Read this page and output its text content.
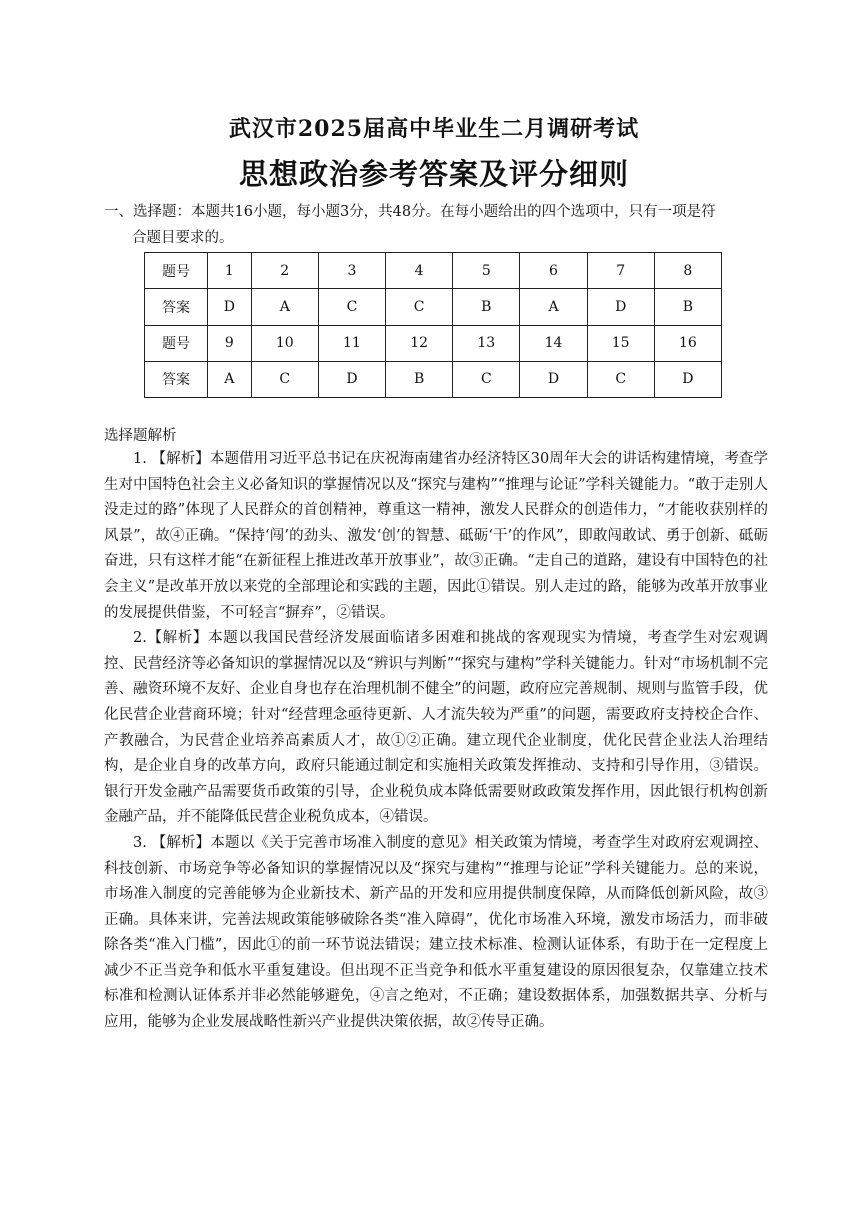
武汉市2025届高中毕业生二月调研考试
思想政治参考答案及评分细则
一、选择题：本题共16小题，每小题3分，共48分。在每小题给出的四个选项中，只有一项是符
合题目要求的。
题号	1	2	3	4	5	6	7	8
答案	D	A	C	C	B	A	D	B
题号	9	10	11	12	13	14	15	16
答案	A	C	D	B	C	D	C	D
选择题解析

1. 【解析】本题借用习近平总书记在庆祝海南建省办经济特区30周年大会的讲话构建情境，考查学生对中国特色社会主义必备知识的掌握情况以及“探究与建构”“推理与论证”学科关键能力。“敢于走别人没走过的路”体现了人民群众的首创精神，尊重这一精神，激发人民群众的创造伟力，“才能收获别样的风景”，故④正确。“保持‘闯’的劲头、激发‘创’的智慧、砥砺‘干’的作风”，即敢闯敢试、勇于创新、砥砺奋进，只有这样才能“在新征程上推进改革开放事业”，故③正确。“走自己的道路，建设有中国特色的社会主义”是改革开放以来党的全部理论和实践的主题，因此①错误。别人走过的路，能够为改革开放事业的发展提供借鉴，不可轻言“摒弃”，②错误。

2.【解析】本题以我国民营经济发展面临诸多困难和挑战的客观现实为情境，考查学生对宏观调控、民营经济等必备知识的掌握情况以及“辨识与判断”“探究与建构”学科关键能力。针对“市场机制不完善、融资环境不友好、企业自身也存在治理机制不健全”的问题，政府应完善规制、规则与监管手段，优化民营企业营商环境；针对“经营理念亟待更新、人才流失较为严重”的问题，需要政府支持校企合作、产教融合，为民营企业培养高素质人才，故①②正确。建立现代企业制度，优化民营企业法人治理结构，是企业自身的改革方向，政府只能通过制定和实施相关政策发挥推动、支持和引导作用，③错误。银行开发金融产品需要货币政策的引导，企业税负成本降低需要财政政策发挥作用，因此银行机构创新金融产品，并不能降低民营企业税负成本，④错误。

3. 【解析】本题以《关于完善市场准入制度的意见》相关政策为情境，考查学生对政府宏观调控、科技创新、市场竞争等必备知识的掌握情况以及“探究与建构”“推理与论证”学科关键能力。总的来说，市场准入制度的完善能够为企业新技术、新产品的开发和应用提供制度保障，从而降低创新风险，故③正确。具体来讲，完善法规政策能够破除各类“准入障碍”，优化市场准入环境，激发市场活力，而非破除各类“准入门槛”，因此①的前一环节说法错误；建立技术标准、检测认证体系，有助于在一定程度上减少不正当竞争和低水平重复建设。但出现不正当竞争和低水平重复建设的原因很复杂，仅靠建立技术标准和检测认证体系并非必然能够避免，④言之绝对，不正确；建设数据体系，加强数据共享、分析与应用，能够为企业发展战略性新兴产业提供决策依据，故②传导正确。
